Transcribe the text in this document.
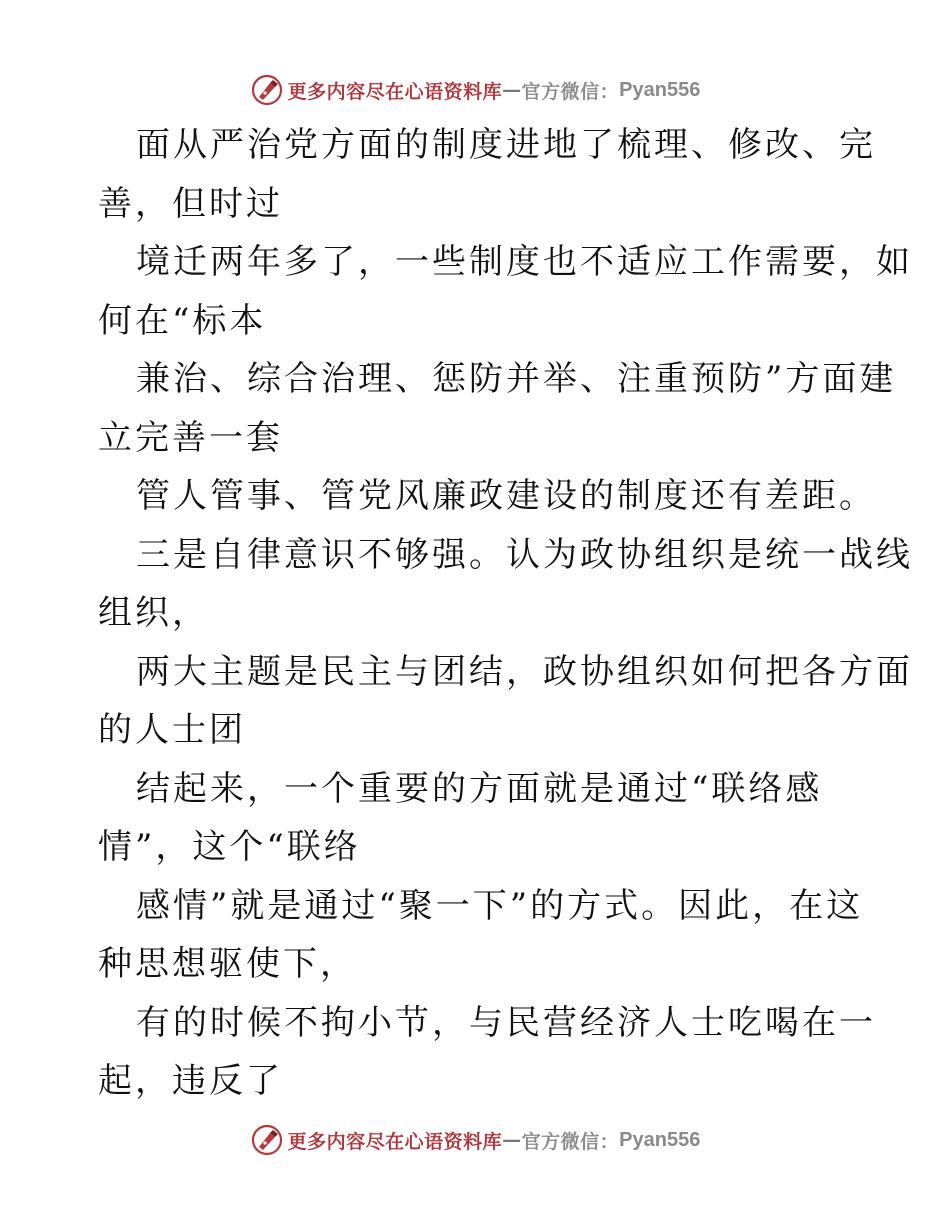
更多内容尽在心语资料库 — 官方微信： Pyan556
面从严治党方面的制度进地了梳理、修改、完
善，但时过
境迁两年多了，一些制度也不适应工作需要，如
何在“标本
兼治、综合治理、惩防并举、注重预防”方面建
立完善一套
管人管事、管党风廉政建设的制度还有差距。
三是自律意识不够强。认为政协组织是统一战线
组织，
两大主题是民主与团结，政协组织如何把各方面
的人士团
结起来，一个重要的方面就是通过“联络感
情”，这个“联络
感情”就是通过“聚一下”的方式。因此，在这
种思想驱使下，
有的时候不拘小节，与民营经济人士吃喝在一
起，违反了
更多内容尽在心语资料库 — 官方微信： Pyan556
